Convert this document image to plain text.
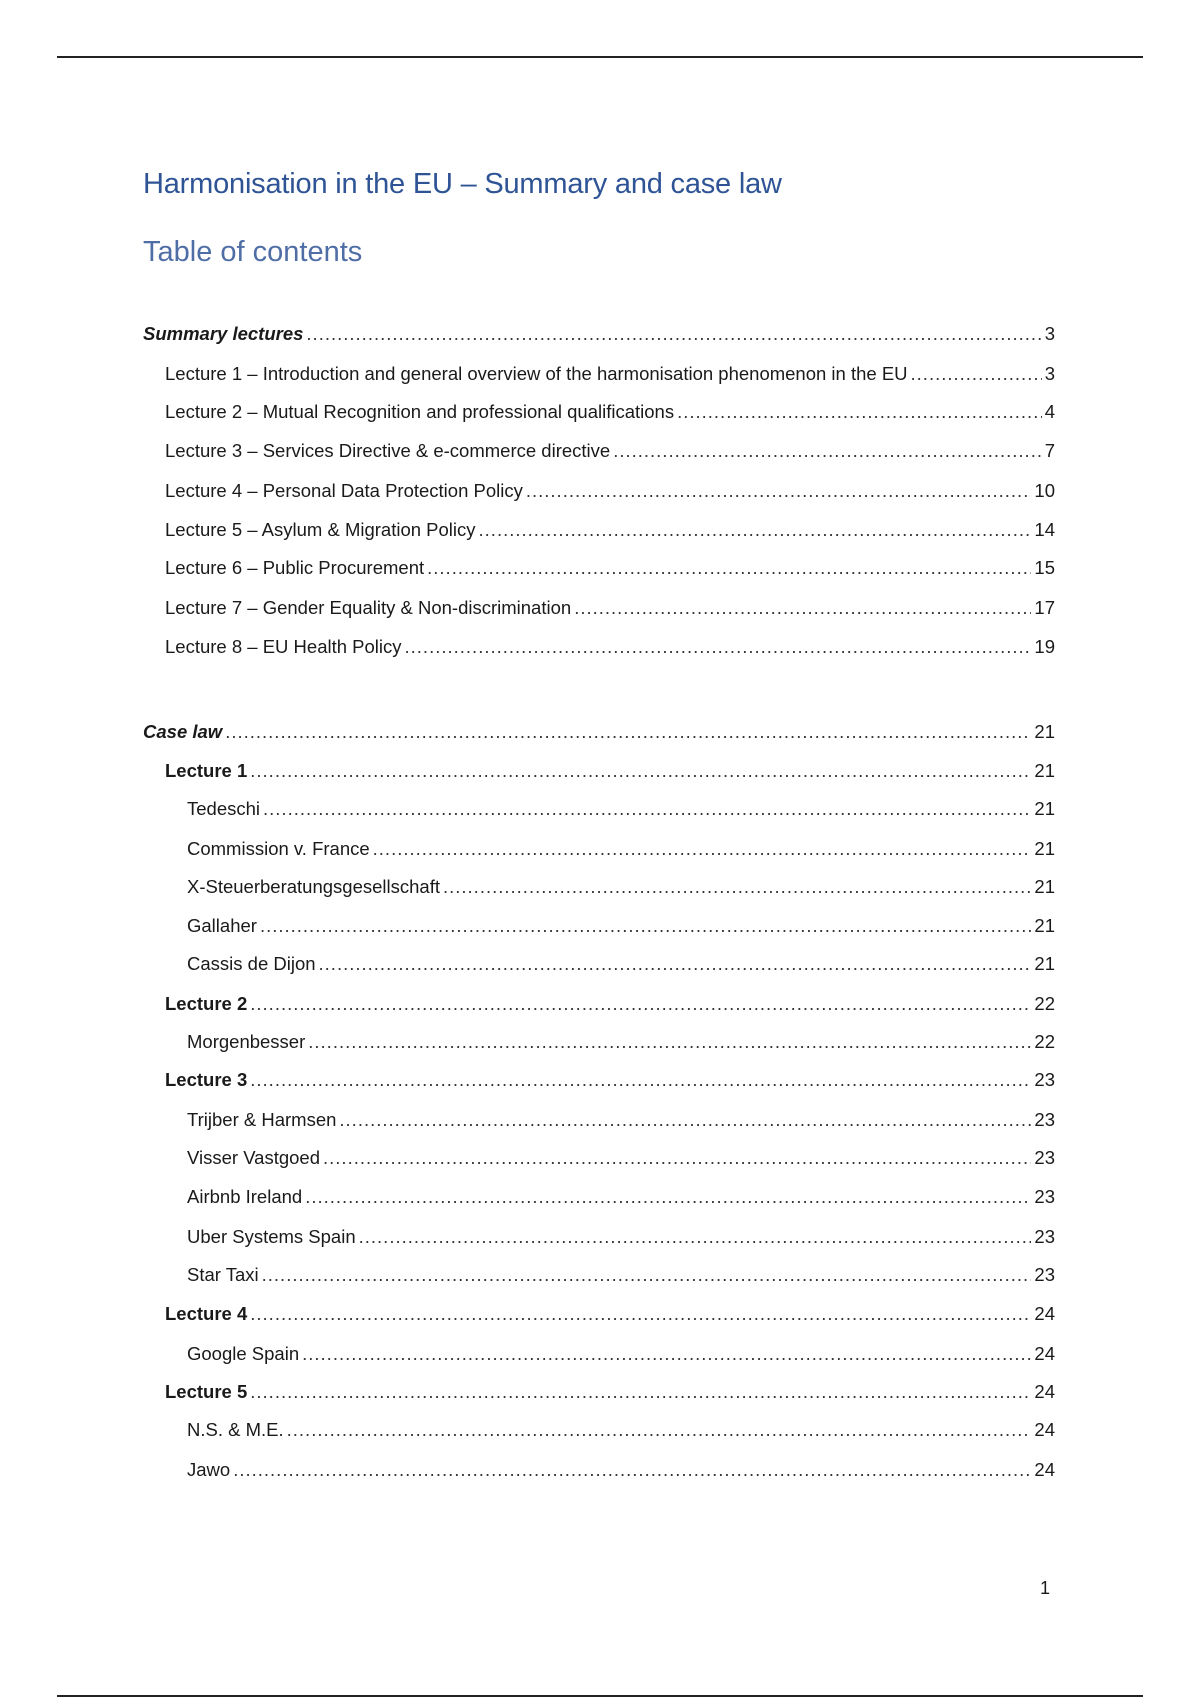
Harmonisation in the EU – Summary and case law
Table of contents
Summary lectures .....	3
Lecture 1 – Introduction and general overview of the harmonisation phenomenon in the EU .....	3
Lecture 2 – Mutual Recognition and professional qualifications .....	4
Lecture 3 – Services Directive & e-commerce directive .....	7
Lecture 4 – Personal Data Protection Policy .....	10
Lecture 5 – Asylum & Migration Policy .....	14
Lecture 6 – Public Procurement .....	15
Lecture 7 – Gender Equality & Non-discrimination .....	17
Lecture 8 – EU Health Policy .....	19
Case law .....	21
Lecture 1 .....	21
Tedeschi .....	21
Commission v. France .....	21
X-Steuerberatungsgesellschaft .....	21
Gallaher .....	21
Cassis de Dijon .....	21
Lecture 2 .....	22
Morgenbesser .....	22
Lecture 3 .....	23
Trijber & Harmsen .....	23
Visser Vastgoed .....	23
Airbnb Ireland .....	23
Uber Systems Spain .....	23
Star Taxi .....	23
Lecture 4 .....	24
Google Spain .....	24
Lecture 5 .....	24
N.S. & M.E. .....	24
Jawo .....	24
1
